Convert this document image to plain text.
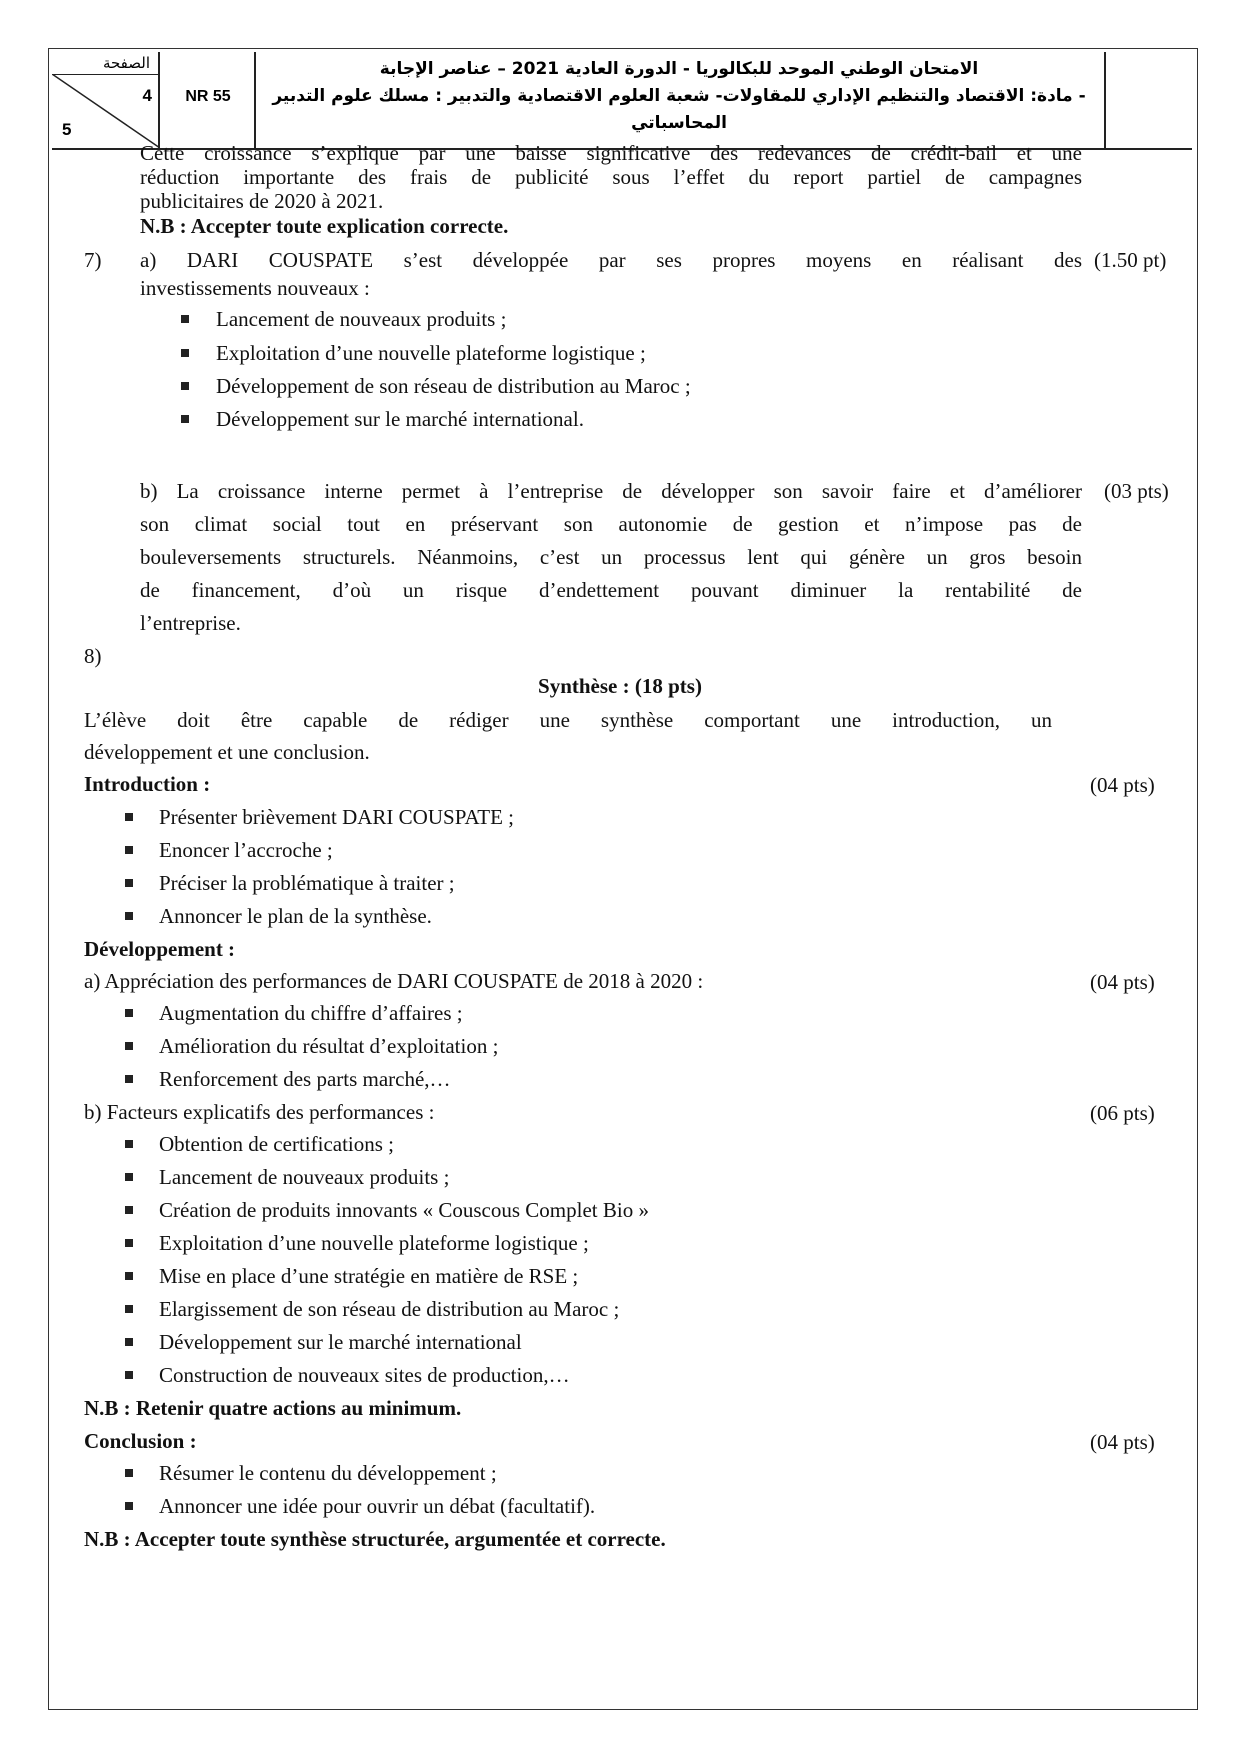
الصفحة
4
5
NR 55
الامتحان الوطني الموحد للبكالوريا - الدورة العادية 2021 – عناصر الإجابة
- مادة: الاقتصاد والتنظيم الإداري للمقاولات- شعبة العلوم الاقتصادية والتدبير : مسلك علوم التدبير المحاسباتي
Cette croissance s’explique par une baisse significative des redevances de crédit-bail et une
réduction importante des frais de publicité sous l’effet du report partiel de campagnes
publicitaires de 2020 à 2021.
N.B : Accepter toute explication correcte.
7) a) DARI COUSPATE s’est développée par ses propres moyens en réalisant des
investissements nouveaux :
(1.50 pt)
Lancement de nouveaux produits ;
Exploitation d’une nouvelle plateforme logistique ;
Développement de son réseau de distribution au Maroc ;
Développement sur le marché international.
b) La croissance interne permet à l’entreprise de développer son savoir faire et d’améliorer
son climat social tout en préservant son autonomie de gestion et n’impose pas de
bouleversements structurels. Néanmoins, c’est un processus lent qui génère un gros besoin
de financement, d’où un risque d’endettement pouvant diminuer la rentabilité de
l’entreprise.
(03 pts)
8)
Synthèse : (18 pts)
L’élève doit être capable de rédiger une synthèse comportant une introduction, un
développement et une conclusion.
Introduction :	(04 pts)
Présenter brièvement DARI COUSPATE ;
Enoncer l’accroche ;
Préciser la problématique à traiter ;
Annoncer le plan de la synthèse.
Développement :
a) Appréciation des performances de DARI COUSPATE de 2018 à 2020 :	(04 pts)
Augmentation du chiffre d’affaires ;
Amélioration du résultat d’exploitation ;
Renforcement des parts marché,…
b) Facteurs explicatifs des performances :	(06 pts)
Obtention de certifications ;
Lancement de nouveaux produits ;
Création de produits innovants « Couscous Complet Bio »
Exploitation d’une nouvelle plateforme logistique ;
Mise en place d’une stratégie en matière de RSE ;
Elargissement de son réseau de distribution au Maroc ;
Développement sur le marché international
Construction de nouveaux sites de production,…
N.B : Retenir quatre actions au minimum.
Conclusion :	(04 pts)
Résumer le contenu du développement ;
Annoncer une idée pour ouvrir un débat (facultatif).
N.B : Accepter toute synthèse structurée, argumentée et correcte.
